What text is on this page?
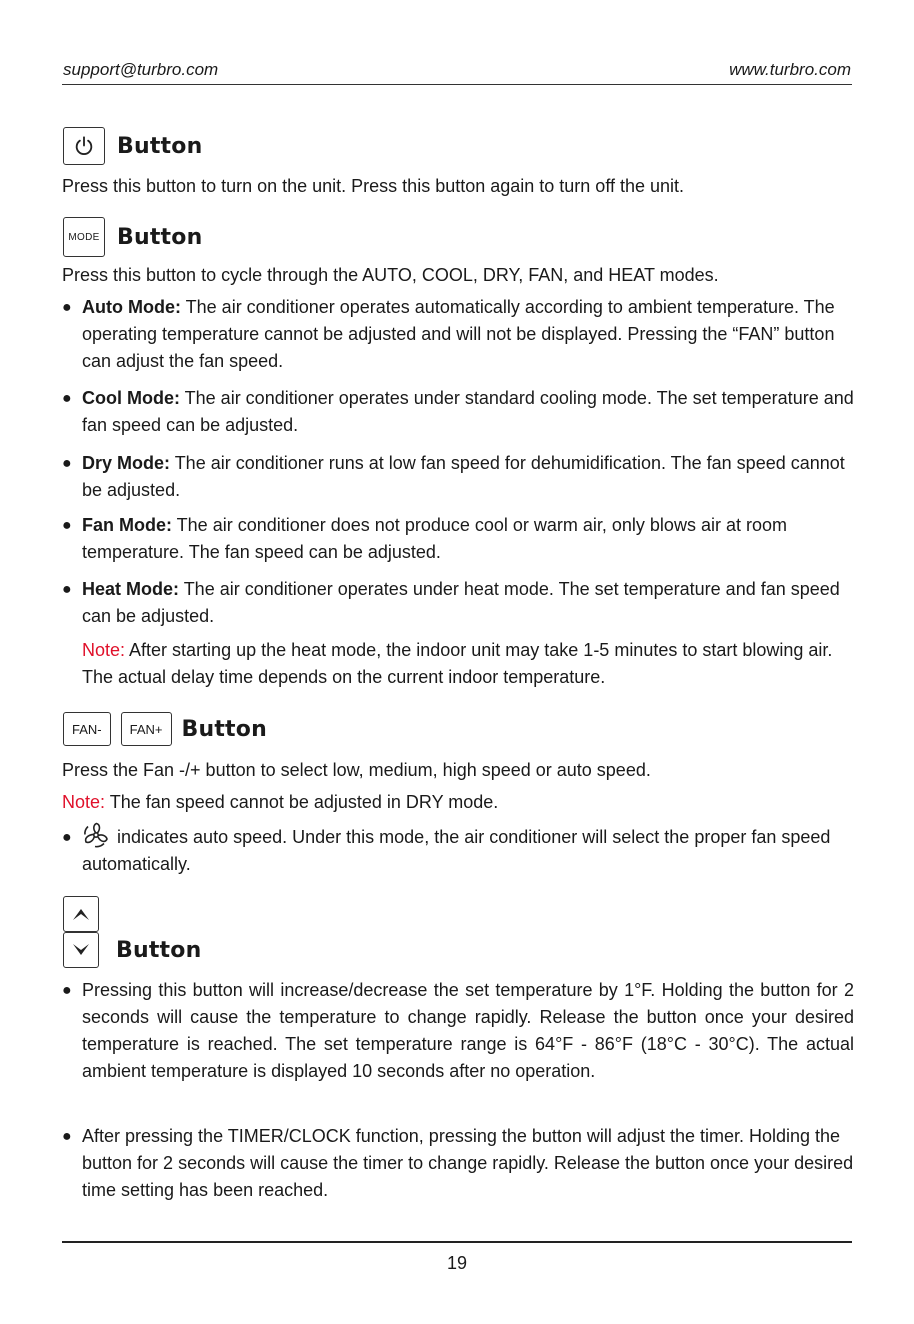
support@turbro.com	www.turbro.com
Button
Press this button to turn on the unit. Press this button again to turn off the unit.
MODE Button
Press this button to cycle through the AUTO, COOL, DRY, FAN, and HEAT modes.
● Auto Mode: The air conditioner operates automatically according to ambient temperature. The operating temperature cannot be adjusted and will not be displayed. Pressing the “FAN” button can adjust the fan speed.
● Cool Mode: The air conditioner operates under standard cooling mode. The set temperature and fan speed can be adjusted.
● Dry Mode: The air conditioner runs at low fan speed for dehumidification. The fan speed cannot be adjusted.
● Fan Mode: The air conditioner does not produce cool or warm air, only blows air at room temperature. The fan speed can be adjusted.
● Heat Mode: The air conditioner operates under heat mode. The set temperature and fan speed can be adjusted.
Note: After starting up the heat mode, the indoor unit may take 1-5 minutes to start blowing air. The actual delay time depends on the current indoor temperature.
FAN-	FAN+ Button
Press the Fan -/+ button to select low, medium, high speed or auto speed.
Note: The fan speed cannot be adjusted in DRY mode.
● indicates auto speed. Under this mode, the air conditioner will select the proper fan speed automatically.
Button
● Pressing this button will increase/decrease the set temperature by 1°F. Holding the button for 2 seconds will cause the temperature to change rapidly. Release the button once your desired temperature is reached. The set temperature range is 64°F - 86°F (18°C - 30°C). The actual ambient temperature is displayed 10 seconds after no operation.
● After pressing the TIMER/CLOCK function, pressing the button will adjust the timer. Holding the button for 2 seconds will cause the timer to change rapidly. Release the button once your desired time setting has been reached.
19
